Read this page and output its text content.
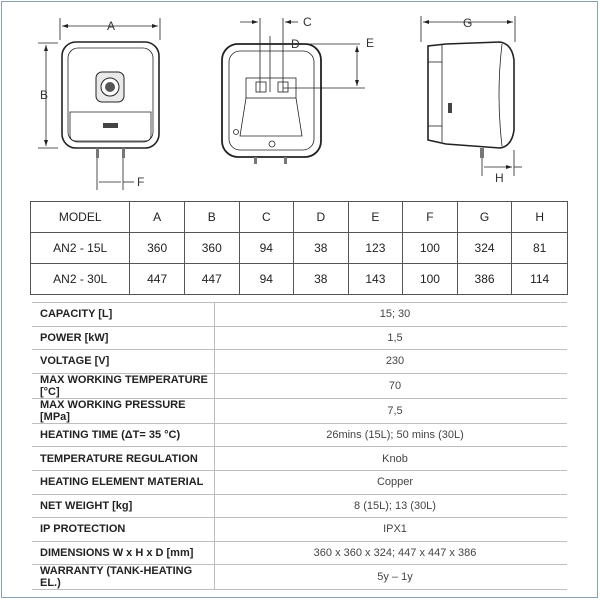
A
B
F
C
D	E
G
H
MODEL	A	B	C	D	E	F	G	H
AN2 - 15L	360	360	94	38	123	100	324	81
AN2 - 30L	447	447	94	38	143	100	386	114
CAPACITY [L]	15; 30
POWER [kW]	1,5
VOLTAGE [V]	230
MAX WORKING TEMPERATURE [°C]	70
MAX WORKING PRESSURE [MPa]	7,5
HEATING TIME (ΔT= 35 °C)	26mins (15L); 50 mins (30L)
TEMPERATURE REGULATION	Knob
HEATING ELEMENT MATERIAL	Copper
NET WEIGHT [kg]	8 (15L); 13 (30L)
IP PROTECTION	IPX1
DIMENSIONS W x H x D [mm]	360 x 360 x 324; 447 x 447 x 386
WARRANTY (TANK-HEATING EL.)	5y – 1y
